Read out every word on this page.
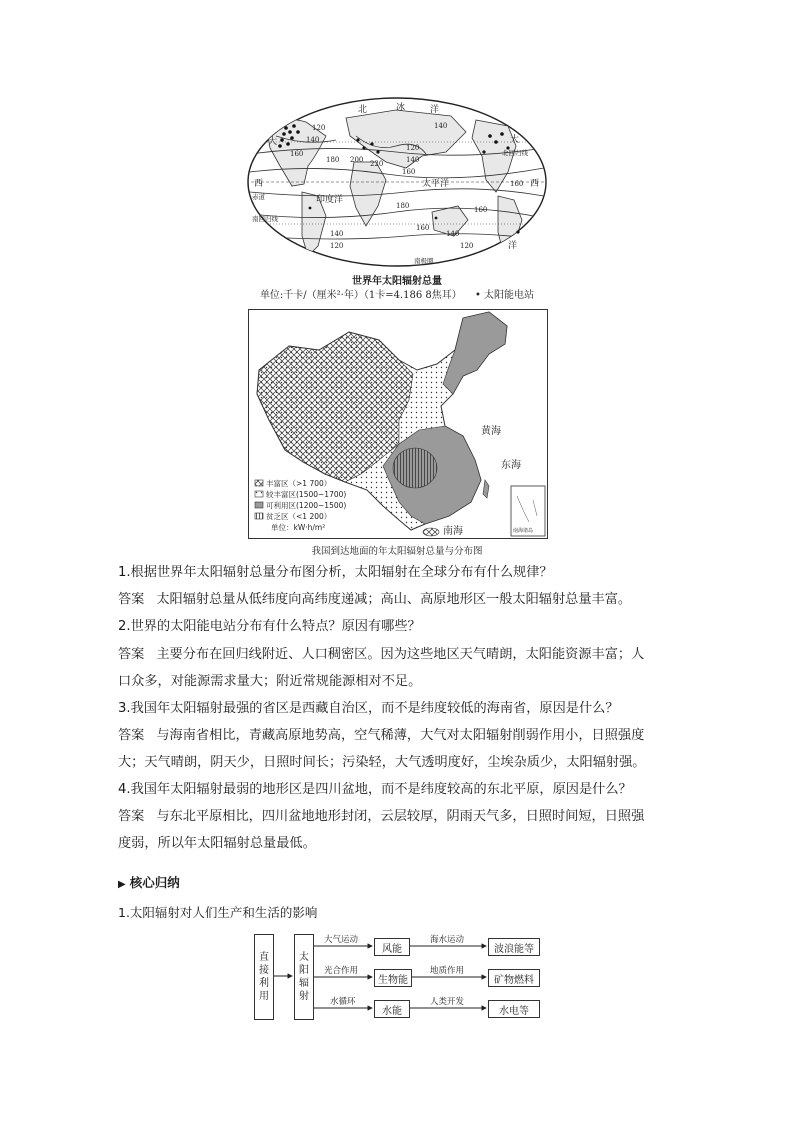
北	冰	洋
大
西
大
西
印度洋
太平洋
洋
赤道
南回归线
北回归线
南极圈
120
140
160
180 200 220	140
160
120
140
160
180	160
140
120
160
140
120
世界年太阳辐射总量
单位:千卡/（厘米²·年）（1卡=4.186 8焦耳） • 太阳能电站
黄海
东海
南海	南海诸岛
丰富区（>1 700）
较丰富区(1500~1700)
可利用区(1200~1500)
贫乏区（<1 200）
单位：kW·h/m²
我国到达地面的年太阳辐射总量与分布图
1.根据世界年太阳辐射总量分布图分析，太阳辐射在全球分布有什么规律？
答案 太阳辐射总量从低纬度向高纬度递减；高山、高原地形区一般太阳辐射总量丰富。
2.世界的太阳能电站分布有什么特点？原因有哪些？
答案 主要分布在回归线附近、人口稠密区。因为这些地区天气晴朗，太阳能资源丰富；人
口众多，对能源需求量大；附近常规能源相对不足。
3.我国年太阳辐射最强的省区是西藏自治区，而不是纬度较低的海南省，原因是什么？
答案 与海南省相比，青藏高原地势高，空气稀薄，大气对太阳辐射削弱作用小，日照强度
大；天气晴朗，阴天少，日照时间长；污染轻，大气透明度好，尘埃杂质少，太阳辐射强。
4.我国年太阳辐射最弱的地形区是四川盆地，而不是纬度较高的东北平原，原因是什么？
答案 与东北平原相比，四川盆地地形封闭，云层较厚，阴雨天气多，日照时间短，日照强
度弱，所以年太阳辐射总量最低。
▶ 核心归纳
1.太阳辐射对人们生产和生活的影响
直
接
利
用
太
阳
辐
射
大气运动
风能
海水运动
波浪能等
光合作用
生物能
地质作用
矿物燃料
水循环
水能
人类开发
水电等
